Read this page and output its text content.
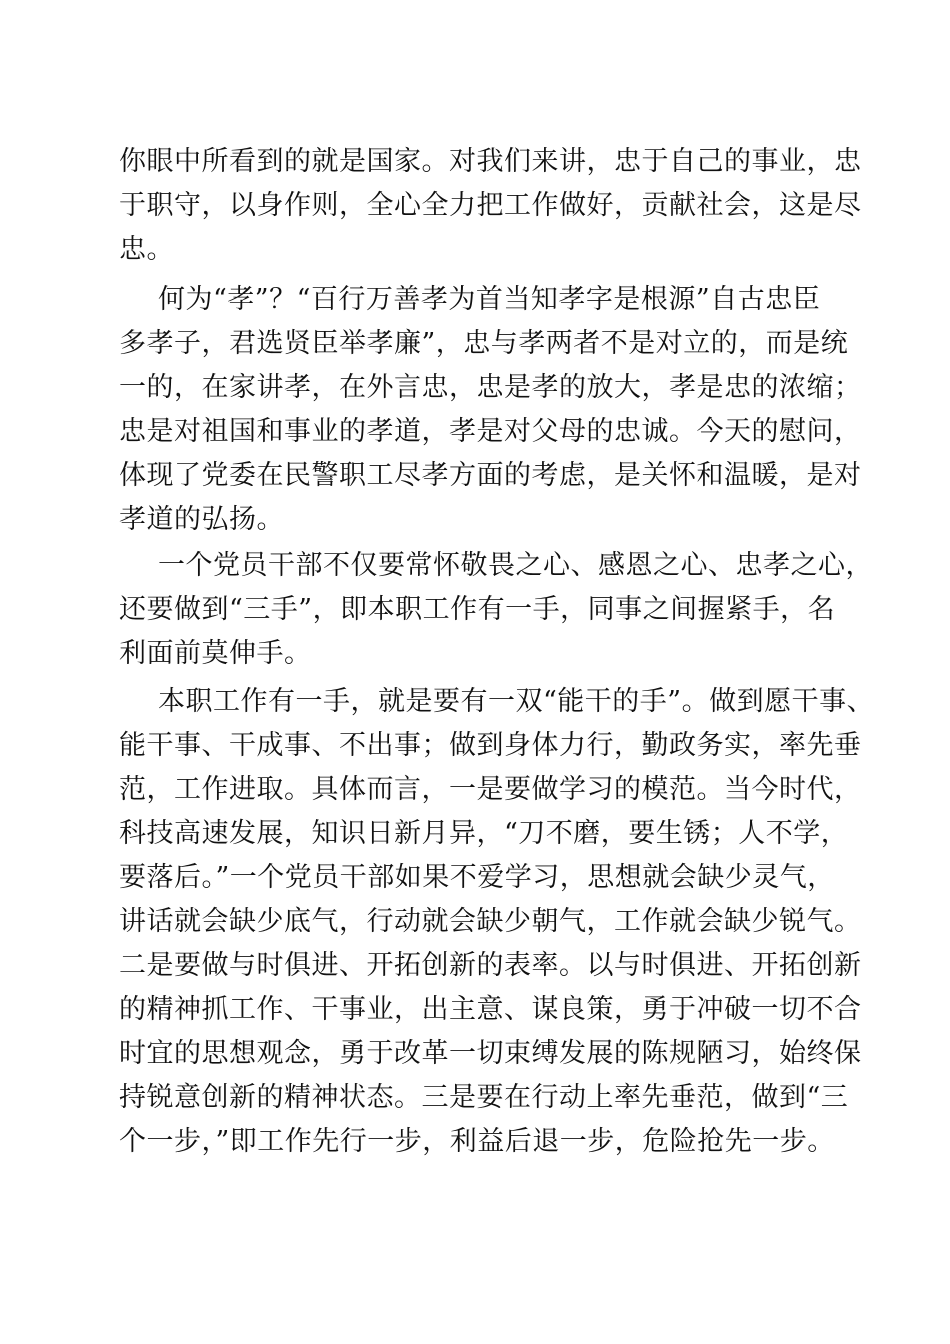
你眼中所看到的就是国家。对我们来讲，忠于自己的事业，忠
于职守，以身作则，全心全力把工作做好，贡献社会，这是尽
忠。
何为“孝”？“百行万善孝为首当知孝字是根源”自古忠臣
多孝子，君选贤臣举孝廉”，忠与孝两者不是对立的，而是统
一的，在家讲孝，在外言忠，忠是孝的放大，孝是忠的浓缩；
忠是对祖国和事业的孝道，孝是对父母的忠诚。今天的慰问，
体现了党委在民警职工尽孝方面的考虑，是关怀和温暖，是对
孝道的弘扬。
一个党员干部不仅要常怀敬畏之心、感恩之心、忠孝之心，
还要做到“三手”，即本职工作有一手，同事之间握紧手，名
利面前莫伸手。
本职工作有一手，就是要有一双“能干的手”。做到愿干事、
能干事、干成事、不出事；做到身体力行，勤政务实，率先垂
范，工作进取。具体而言，一是要做学习的模范。当今时代，
科技高速发展，知识日新月异，“刀不磨，要生锈；人不学，
要落后。”一个党员干部如果不爱学习，思想就会缺少灵气，
讲话就会缺少底气，行动就会缺少朝气，工作就会缺少锐气。
二是要做与时俱进、开拓创新的表率。以与时俱进、开拓创新
的精神抓工作、干事业，出主意、谋良策，勇于冲破一切不合
时宜的思想观念，勇于改革一切束缚发展的陈规陋习，始终保
持锐意创新的精神状态。三是要在行动上率先垂范，做到“三
个一步，”即工作先行一步，利益后退一步，危险抢先一步。
